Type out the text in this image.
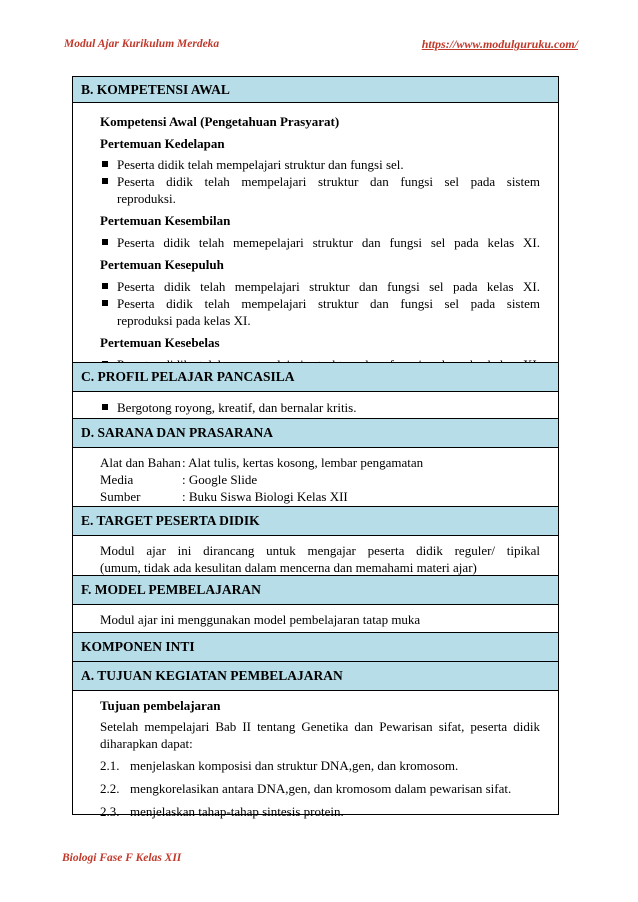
Modul Ajar Kurikulum Merdeka	https://www.modulguruku.com/
B. KOMPETENSI AWAL
Kompetensi Awal (Pengetahuan Prasyarat)
Pertemuan Kedelapan
Peserta didik telah mempelajari struktur dan fungsi sel.
Peserta didik telah mempelajari struktur dan fungsi sel pada sistem
reproduksi.
Pertemuan Kesembilan
Peserta didik telah memepelajari struktur dan fungsi sel pada kelas XI.
Pertemuan Kesepuluh
Peserta didik telah mempelajari struktur dan fungsi sel pada kelas XI.
Peserta didik telah mempelajari struktur dan fungsi sel pada sistem
reproduksi pada kelas XI.
Pertemuan Kesebelas
C. PROFIL PELAJAR PANCASILA
Bergotong royong, kreatif, dan bernalar kritis.
D. SARANA DAN PRASARANA
Alat dan Bahan : Alat tulis, kertas kosong, lembar pengamatan
Media	: Google Slide
Sumber	: Buku Siswa Biologi Kelas XII
E. TARGET PESERTA DIDIK
Modul ajar ini dirancang untuk mengajar peserta didik reguler/ tipikal
(umum, tidak ada kesulitan dalam mencerna dan memahami materi ajar)
F. MODEL PEMBELAJARAN
Modul ajar ini menggunakan model pembelajaran tatap muka
KOMPONEN INTI
A. TUJUAN KEGIATAN PEMBELAJARAN
Tujuan pembelajaran
Setelah mempelajari Bab II tentang Genetika dan Pewarisan sifat, peserta didik diharapkan dapat:
2.1. menjelaskan komposisi dan struktur DNA,gen, dan kromosom.
2.2. mengkorelasikan antara DNA,gen, dan kromosom dalam pewarisan sifat.
2.3. menjelaskan tahap-tahap sintesis protein.
Biologi Fase F Kelas XII
